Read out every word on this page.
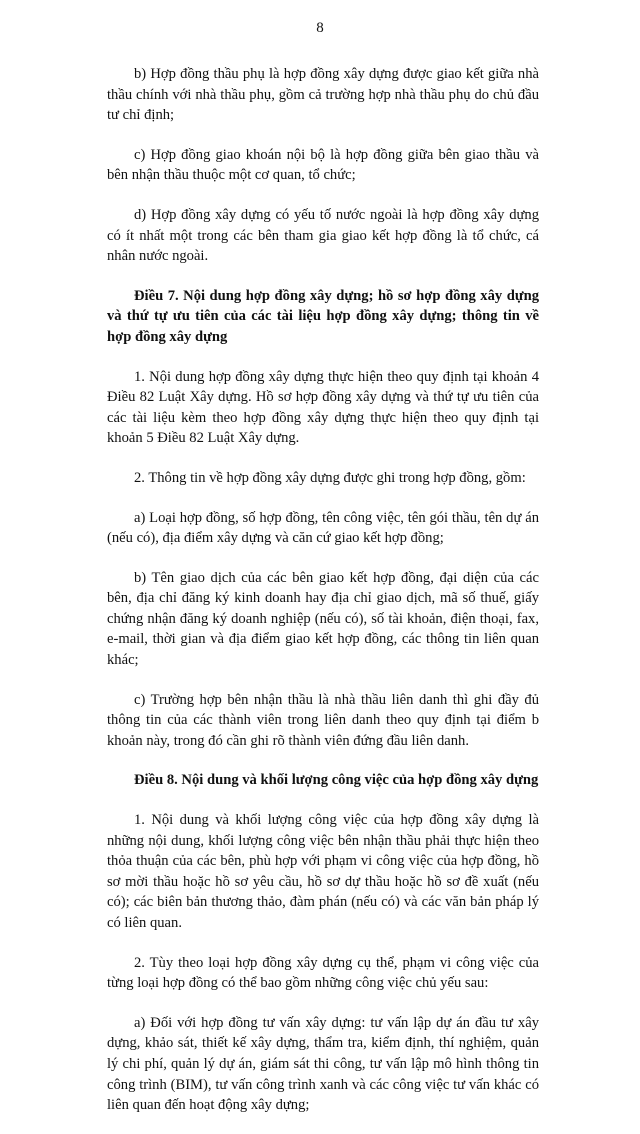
8

b) Hợp đồng thầu phụ là hợp đồng xây dựng được giao kết giữa nhà thầu chính với nhà thầu phụ, gồm cả trường hợp nhà thầu phụ do chủ đầu tư chỉ định;

c) Hợp đồng giao khoán nội bộ là hợp đồng giữa bên giao thầu và bên nhận thầu thuộc một cơ quan, tổ chức;

d) Hợp đồng xây dựng có yếu tố nước ngoài là hợp đồng xây dựng có ít nhất một trong các bên tham gia giao kết hợp đồng là tổ chức, cá nhân nước ngoài.

Điều 7. Nội dung hợp đồng xây dựng; hồ sơ hợp đồng xây dựng và thứ tự ưu tiên của các tài liệu hợp đồng xây dựng; thông tin về hợp đồng xây dựng

1. Nội dung hợp đồng xây dựng thực hiện theo quy định tại khoản 4 Điều 82 Luật Xây dựng. Hồ sơ hợp đồng xây dựng và thứ tự ưu tiên của các tài liệu kèm theo hợp đồng xây dựng thực hiện theo quy định tại khoản 5 Điều 82 Luật Xây dựng.

2. Thông tin về hợp đồng xây dựng được ghi trong hợp đồng, gồm:

a) Loại hợp đồng, số hợp đồng, tên công việc, tên gói thầu, tên dự án (nếu có), địa điểm xây dựng và căn cứ giao kết hợp đồng;

b) Tên giao dịch của các bên giao kết hợp đồng, đại diện của các bên, địa chỉ đăng ký kinh doanh hay địa chỉ giao dịch, mã số thuế, giấy chứng nhận đăng ký doanh nghiệp (nếu có), số tài khoản, điện thoại, fax, e-mail, thời gian và địa điểm giao kết hợp đồng, các thông tin liên quan khác;

c) Trường hợp bên nhận thầu là nhà thầu liên danh thì ghi đầy đủ thông tin của các thành viên trong liên danh theo quy định tại điểm b khoản này, trong đó cần ghi rõ thành viên đứng đầu liên danh.

Điều 8. Nội dung và khối lượng công việc của hợp đồng xây dựng

1. Nội dung và khối lượng công việc của hợp đồng xây dựng là những nội dung, khối lượng công việc bên nhận thầu phải thực hiện theo thỏa thuận của các bên, phù hợp với phạm vi công việc của hợp đồng, hồ sơ mời thầu hoặc hồ sơ yêu cầu, hồ sơ dự thầu hoặc hồ sơ đề xuất (nếu có); các biên bản thương thảo, đàm phán (nếu có) và các văn bản pháp lý có liên quan.

2. Tùy theo loại hợp đồng xây dựng cụ thể, phạm vi công việc của từng loại hợp đồng có thể bao gồm những công việc chủ yếu sau:

a) Đối với hợp đồng tư vấn xây dựng: tư vấn lập dự án đầu tư xây dựng, khảo sát, thiết kế xây dựng, thẩm tra, kiểm định, thí nghiệm, quản lý chi phí, quản lý dự án, giám sát thi công, tư vấn lập mô hình thông tin công trình (BIM), tư vấn công trình xanh và các công việc tư vấn khác có liên quan đến hoạt động xây dựng;
